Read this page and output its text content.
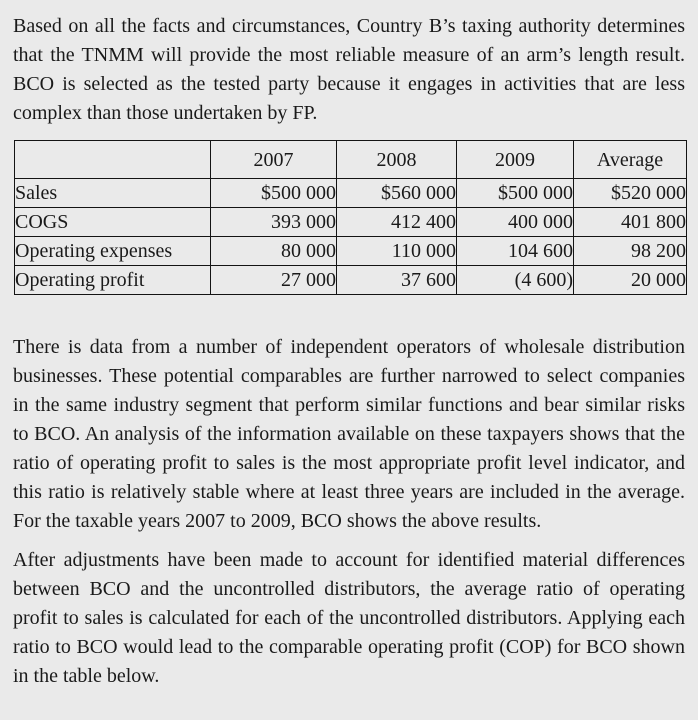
Based on all the facts and circumstances, Country B’s taxing authority determines that the TNMM will provide the most reliable measure of an arm’s length result. BCO is selected as the tested party because it engages in activities that are less complex than those undertaken by FP.

	2007	2008	2009	Average
Sales	$500 000	$560 000	$500 000	$520 000
COGS	393 000	412 400	400 000	401 800
Operating expenses	80 000	110 000	104 600	98 200
Operating profit	27 000	37 600	(4 600)	20 000

There is data from a number of independent operators of wholesale distribution businesses. These potential comparables are further narrowed to select companies in the same industry segment that perform similar functions and bear similar risks to BCO. An analysis of the information available on these taxpayers shows that the ratio of operating profit to sales is the most appropriate profit level indicator, and this ratio is relatively stable where at least three years are included in the average. For the taxable years 2007 to 2009, BCO shows the above results.

After adjustments have been made to account for identified material differences between BCO and the uncontrolled distributors, the average ratio of operating profit to sales is calculated for each of the uncontrolled distributors. Applying each ratio to BCO would lead to the comparable operating profit (COP) for BCO shown in the table below.
